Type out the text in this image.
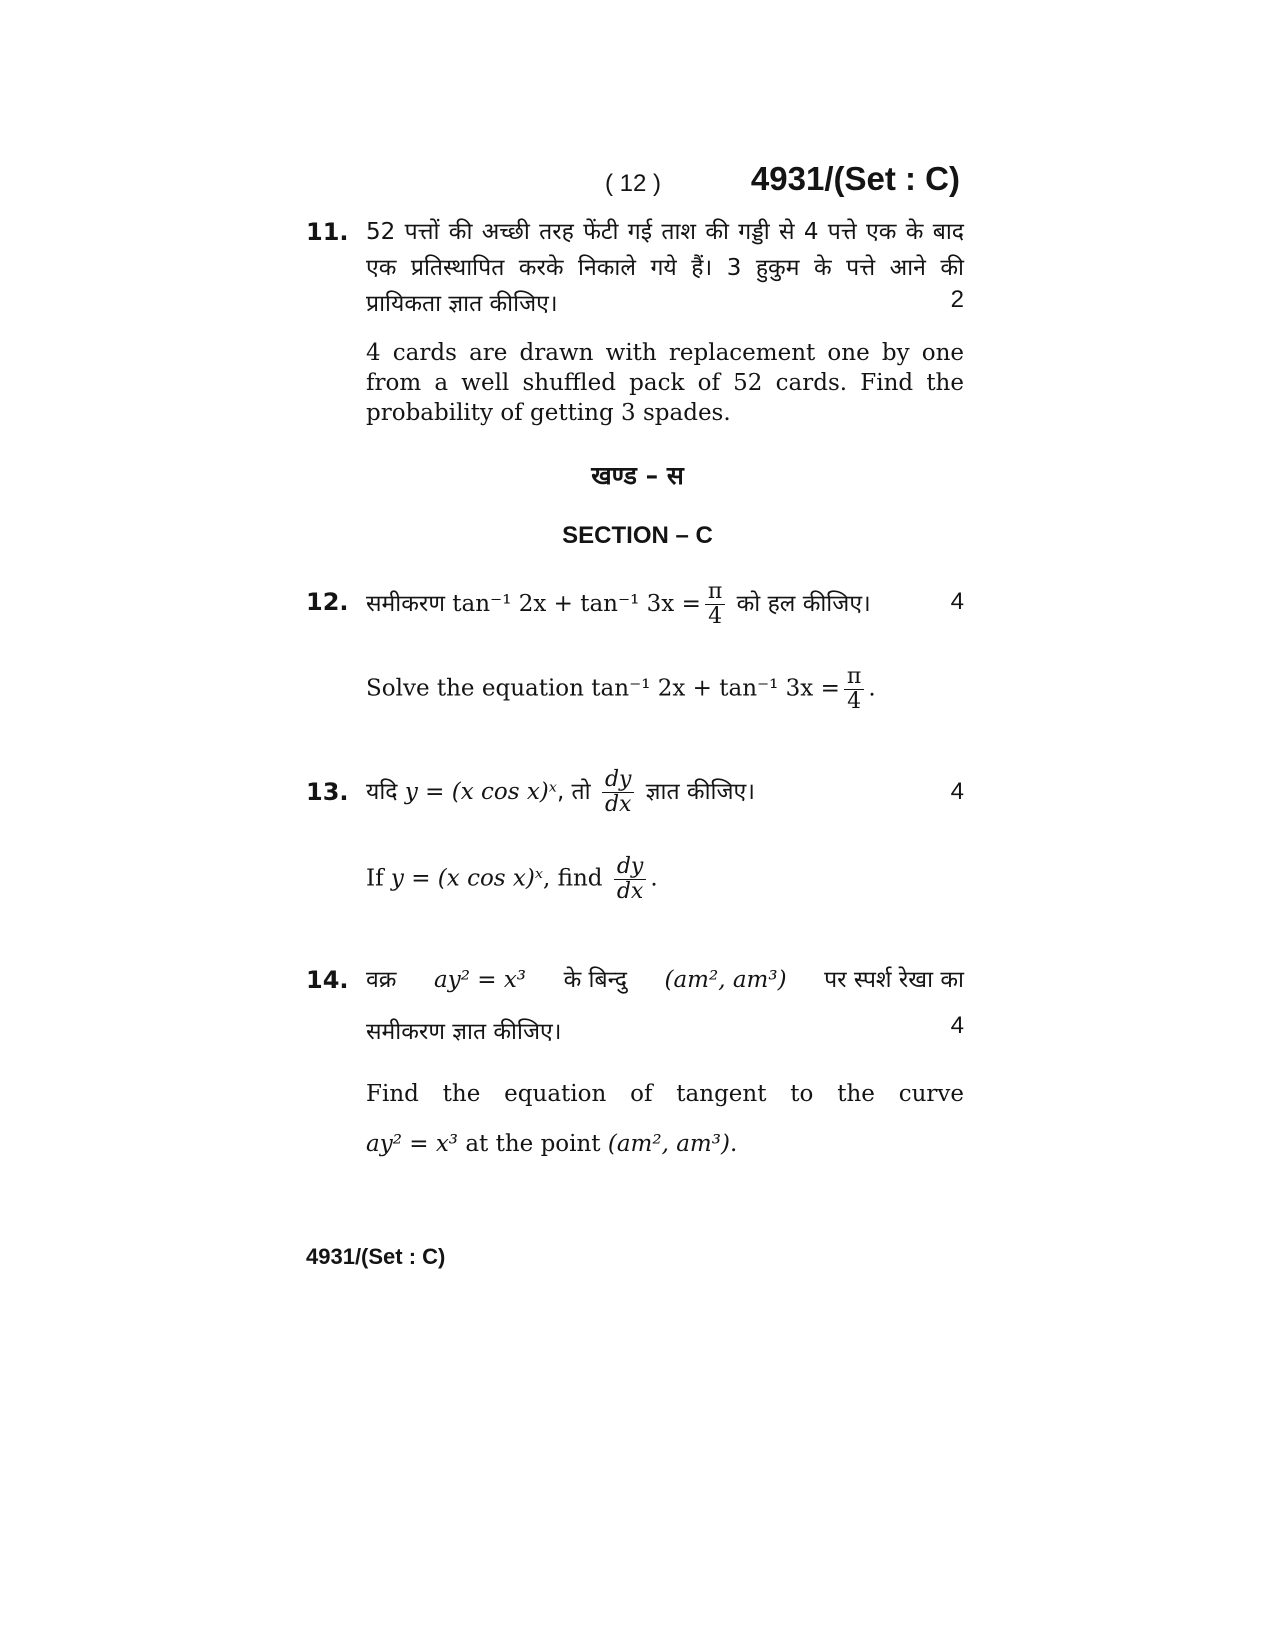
( 12 )	4931/(Set : C)
11. 52 पत्तों की अच्छी तरह फेंटी गई ताश की गड्डी से 4 पत्ते एक के बाद एक प्रतिस्थापित करके निकाले गये हैं। 3 हुकुम के पत्ते आने की प्रायिकता ज्ञात कीजिए।
4 cards are drawn with replacement one by one from a well shuffled pack of 52 cards. Find the probability of getting 3 spades.
2
खण्ड – स
SECTION – C
12. समीकरण tan⁻¹ 2x + tan⁻¹ $3x = \frac{\pi}{4}$ को हल कीजिए।
Solve the equation tan⁻¹ 2x + tan⁻¹ $3x = \frac{\pi}{4}$ .
4
13. यदि y = (x cos x)ˣ, तो $\frac{dy}{dx}$ ज्ञात कीजिए।
If y = (x cos x)ˣ, find $\frac{dy}{dx}$ .
4
14. वक्र ay² = x³ के बिन्दु (am², am³) पर स्पर्श रेखा का
समीकरण ज्ञात कीजिए।
Find the equation of tangent to the curve
ay² = x³ at the point (am², am³).
4
4931/(Set : C)
